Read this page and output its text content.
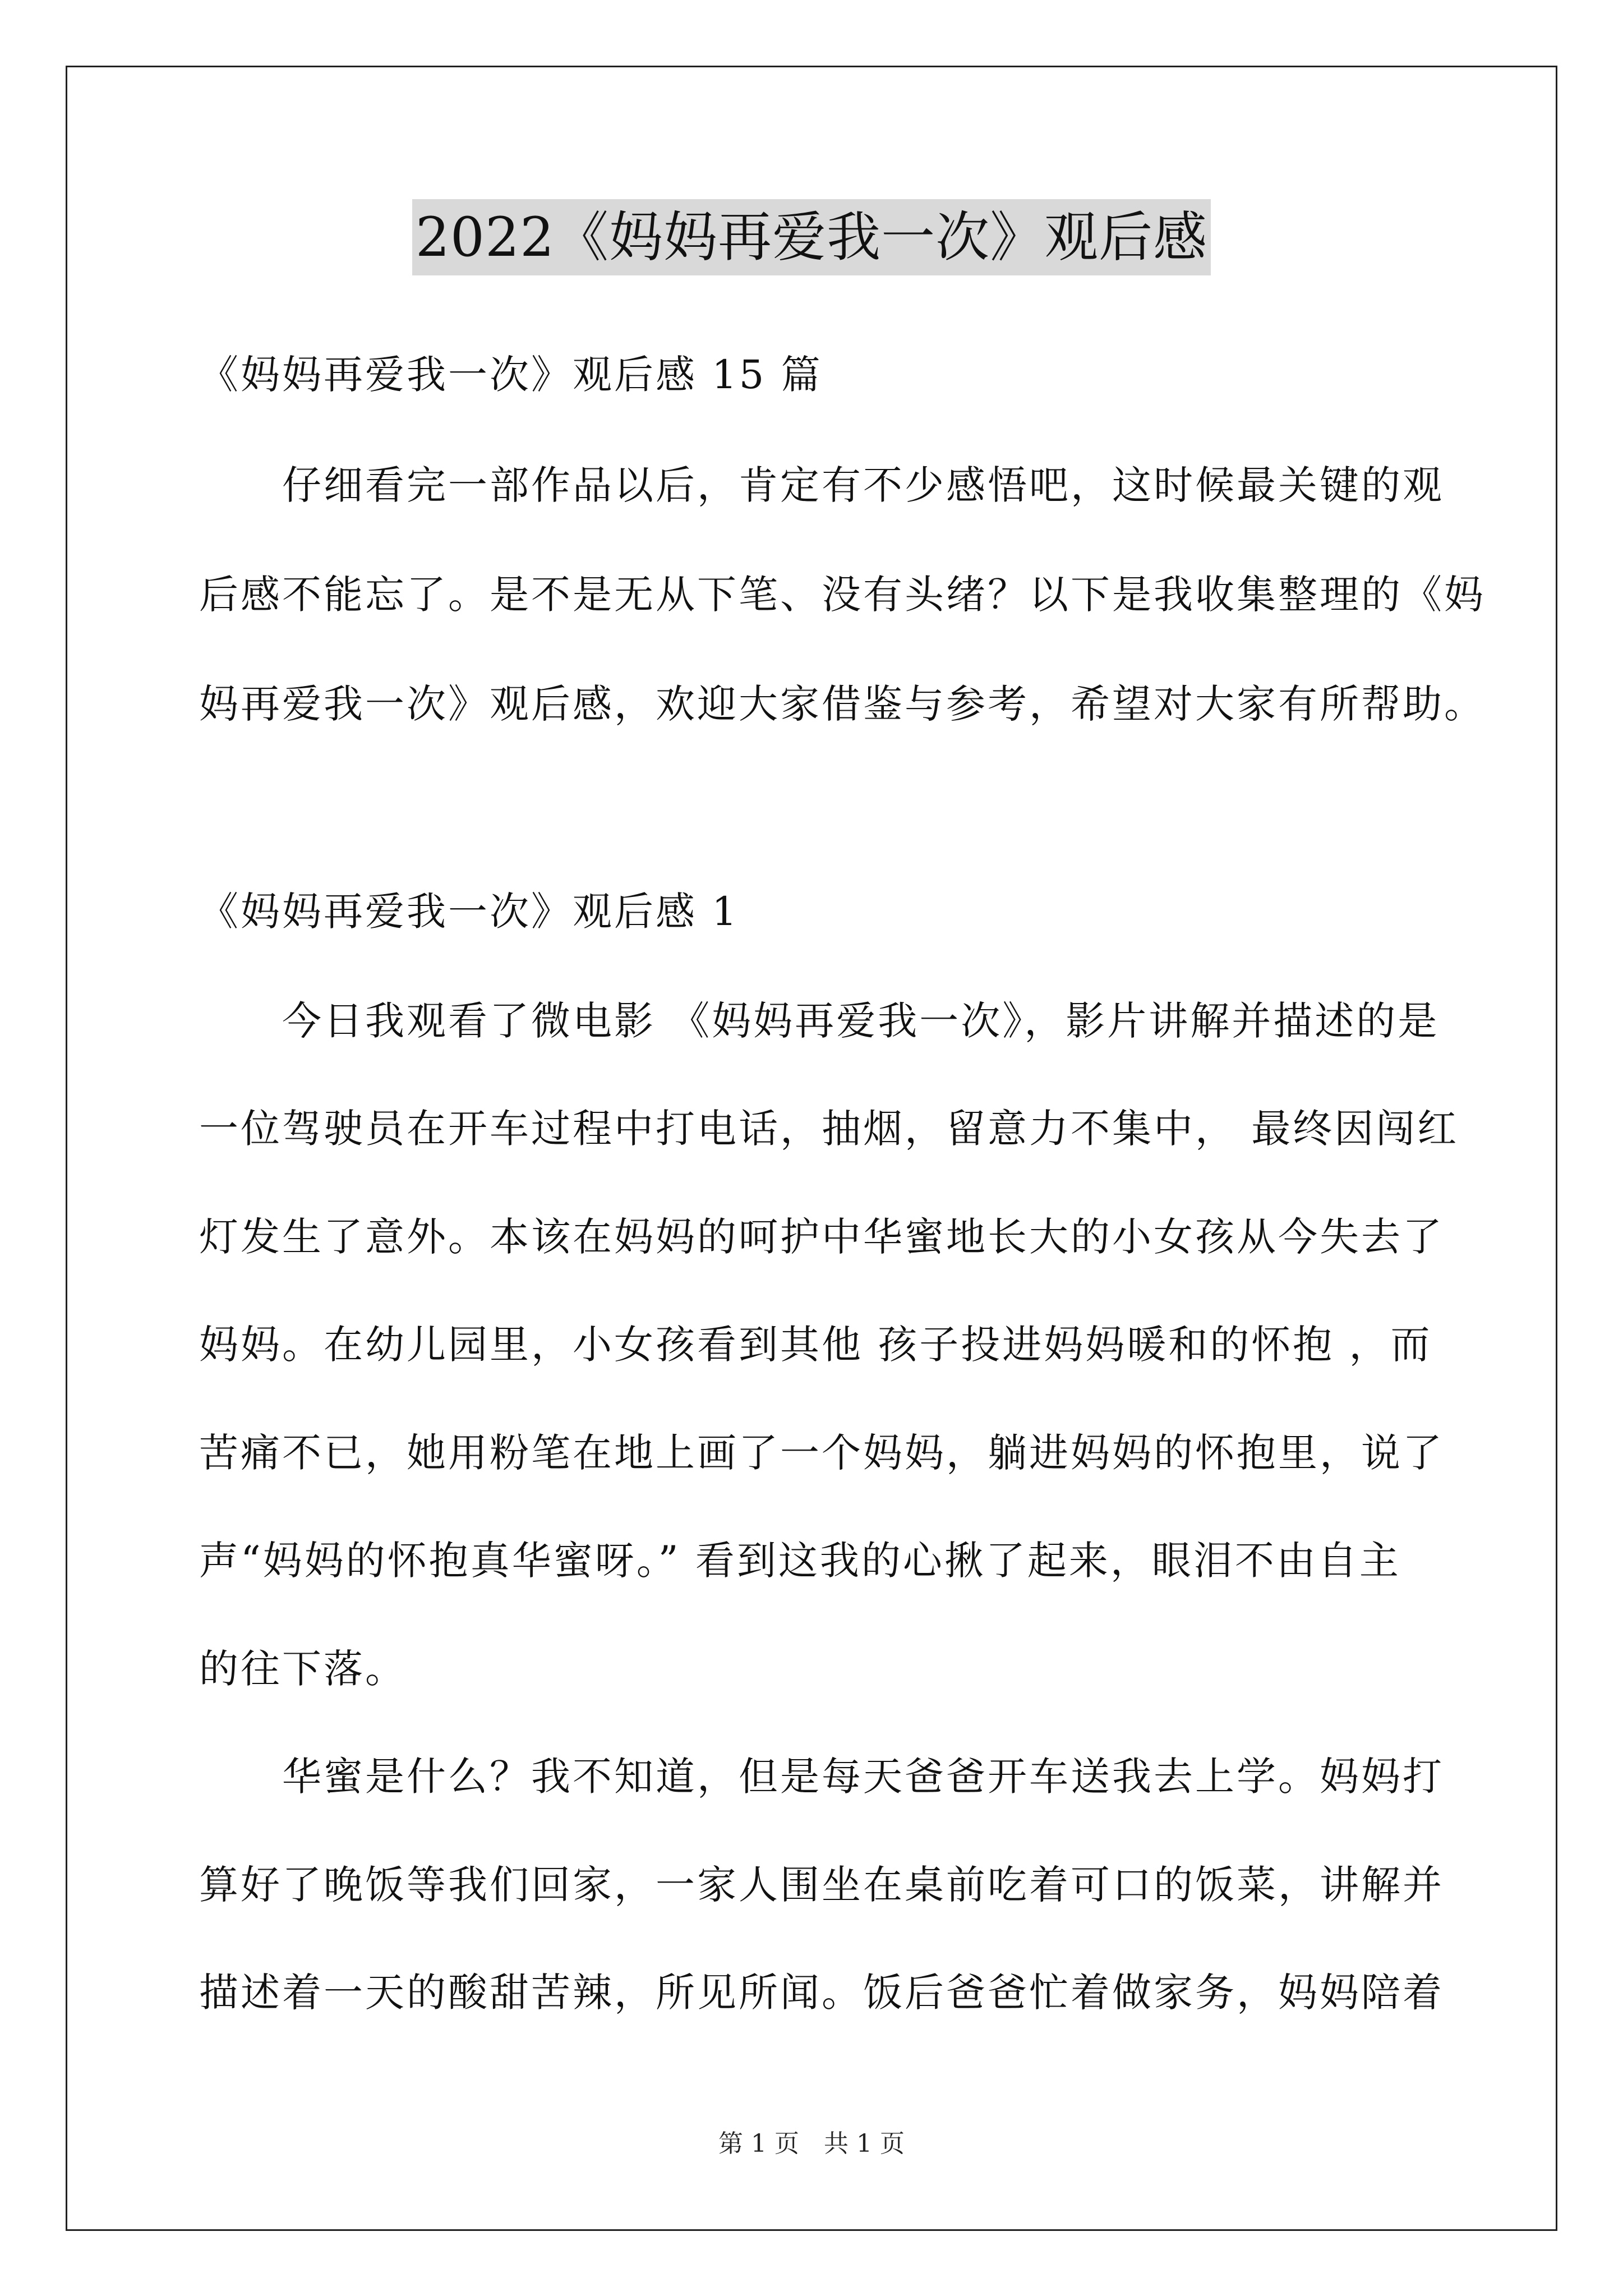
2022《妈妈再爱我一次》观后感
《妈妈再爱我一次》观后感 15 篇
　　仔细看完一部作品以后，肯定有不少感悟吧，这时候最关键的观
后感不能忘了。是不是无从下笔、没有头绪？以下是我收集整理的《妈
妈再爱我一次》观后感，欢迎大家借鉴与参考，希望对大家有所帮助。
《妈妈再爱我一次》观后感 1
　　今日我观看了微电影 《妈妈再爱我一次》，影片讲解并描述的是
一位驾驶员在开车过程中打电话，抽烟，留意力不集中， 最终因闯红
灯发生了意外。本该在妈妈的呵护中华蜜地长大的小女孩从今失去了
妈妈。在幼儿园里，小女孩看到其他 孩子投进妈妈暖和的怀抱 ，而
苦痛不已，她用粉笔在地上画了一个妈妈，躺进妈妈的怀抱里，说了
声“妈妈的怀抱真华蜜呀。” 看到这我的心揪了起来，眼泪不由自主
的往下落。
　　华蜜是什么？我不知道，但是每天爸爸开车送我去上学。妈妈打
算好了晚饭等我们回家，一家人围坐在桌前吃着可口的饭菜，讲解并
描述着一天的酸甜苦辣，所见所闻。饭后爸爸忙着做家务，妈妈陪着
第 1 页　共 1 页
